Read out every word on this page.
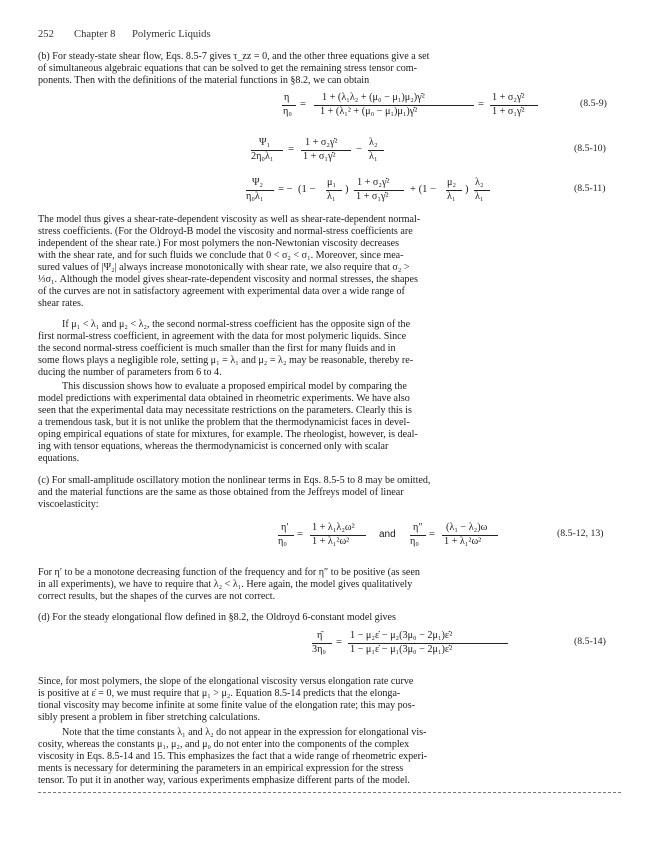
252 Chapter 8 Polymeric Liquids
(b) For steady-state shear flow, Eqs. 8.5-7 gives τ_zz = 0, and the other three equations give a set
of simultaneous algebraic equations that can be solved to get the remaining stress tensor com-
ponents. Then with the definitions of the material functions in §8.2, we can obtain
η
η₀
=
1 + (λ₁λ₂ + (μ₀ − μ₁)μ₂)γ̇²
1 + (λ₁² + (μ₀ − μ₁)μ₁)γ̇²
=
1 + σ₂γ̇²
1 + σ₁γ̇²
(8.5-9)
Ψ₁
2η₀λ₁
=
1 + σ₂γ̇²
1 + σ₁γ̇²
−
λ₂
λ₁
(8.5-10)
Ψ₂
η₀λ₁
= − (1 −
μ₁
λ₁
)
1 + σ₂γ̇²
1 + σ₁γ̇²
+ (1 −
μ₂
λ₁
)
λ₂
λ₁
(8.5-11)
The model thus gives a shear-rate-dependent viscosity as well as shear-rate-dependent normal-
stress coefficients. (For the Oldroyd-B model the viscosity and normal-stress coefficients are
independent of the shear rate.) For most polymers the non-Newtonian viscosity decreases
with the shear rate, and for such fluids we conclude that 0 < σ₂ < σ₁. Moreover, since mea-
sured values of |Ψ₂| always increase monotonically with shear rate, we also require that σ₂ >
⅓σ₁. Although the model gives shear-rate-dependent viscosity and normal stresses, the shapes
of the curves are not in satisfactory agreement with experimental data over a wide range of
shear rates.
If μ₁ < λ₁ and μ₂ < λ₂, the second normal-stress coefficient has the opposite sign of the
first normal-stress coefficient, in agreement with the data for most polymeric liquids. Since
the second normal-stress coefficient is much smaller than the first for many fluids and in
some flows plays a negligible role, setting μ₁ = λ₁ and μ₂ = λ₂ may be reasonable, thereby re-
ducing the number of parameters from 6 to 4.
This discussion shows how to evaluate a proposed empirical model by comparing the
model predictions with experimental data obtained in rheometric experiments. We have also
seen that the experimental data may necessitate restrictions on the parameters. Clearly this is
a tremendous task, but it is not unlike the problem that the thermodynamicist faces in devel-
oping empirical equations of state for mixtures, for example. The rheologist, however, is deal-
ing with tensor equations, whereas the thermodynamicist is concerned only with scalar
equations.
(c) For small-amplitude oscillatory motion the nonlinear terms in Eqs. 8.5-5 to 8 may be omitted,
and the material functions are the same as those obtained from the Jeffreys model of linear
viscoelasticity:
η′
η₀
=
1 + λ₁λ₂ω²
1 + λ₁²ω²
and
η″
η₀
=
(λ₁ − λ₂)ω
1 + λ₁²ω²
(8.5-12, 13)
For η′ to be a monotone decreasing function of the frequency and for η″ to be positive (as seen
in all experiments), we have to require that λ₂ < λ₁. Here again, the model gives qualitatively
correct results, but the shapes of the curves are not correct.
(d) For the steady elongational flow defined in §8.2, the Oldroyd 6-constant model gives
η̄
3η₀
=
1 − μ₂ε̇ − μ₂(3μ₀ − 2μ₁)ε̇²
1 − μ₁ε̇ − μ₁(3μ₀ − 2μ₁)ε̇²
(8.5-14)
Since, for most polymers, the slope of the elongational viscosity versus elongation rate curve
is positive at ε̇ = 0, we must require that μ₁ > μ₂. Equation 8.5-14 predicts that the elonga-
tional viscosity may become infinite at some finite value of the elongation rate; this may pos-
sibly present a problem in fiber stretching calculations.
Note that the time constants λ₁ and λ₂ do not appear in the expression for elongational vis-
cosity, whereas the constants μ₁, μ₂, and μ₀ do not enter into the components of the complex
viscosity in Eqs. 8.5-14 and 15. This emphasizes the fact that a wide range of rheometric experi-
ments is necessary for determining the parameters in an empirical expression for the stress
tensor. To put it in another way, various experiments emphasize different parts of the model.
